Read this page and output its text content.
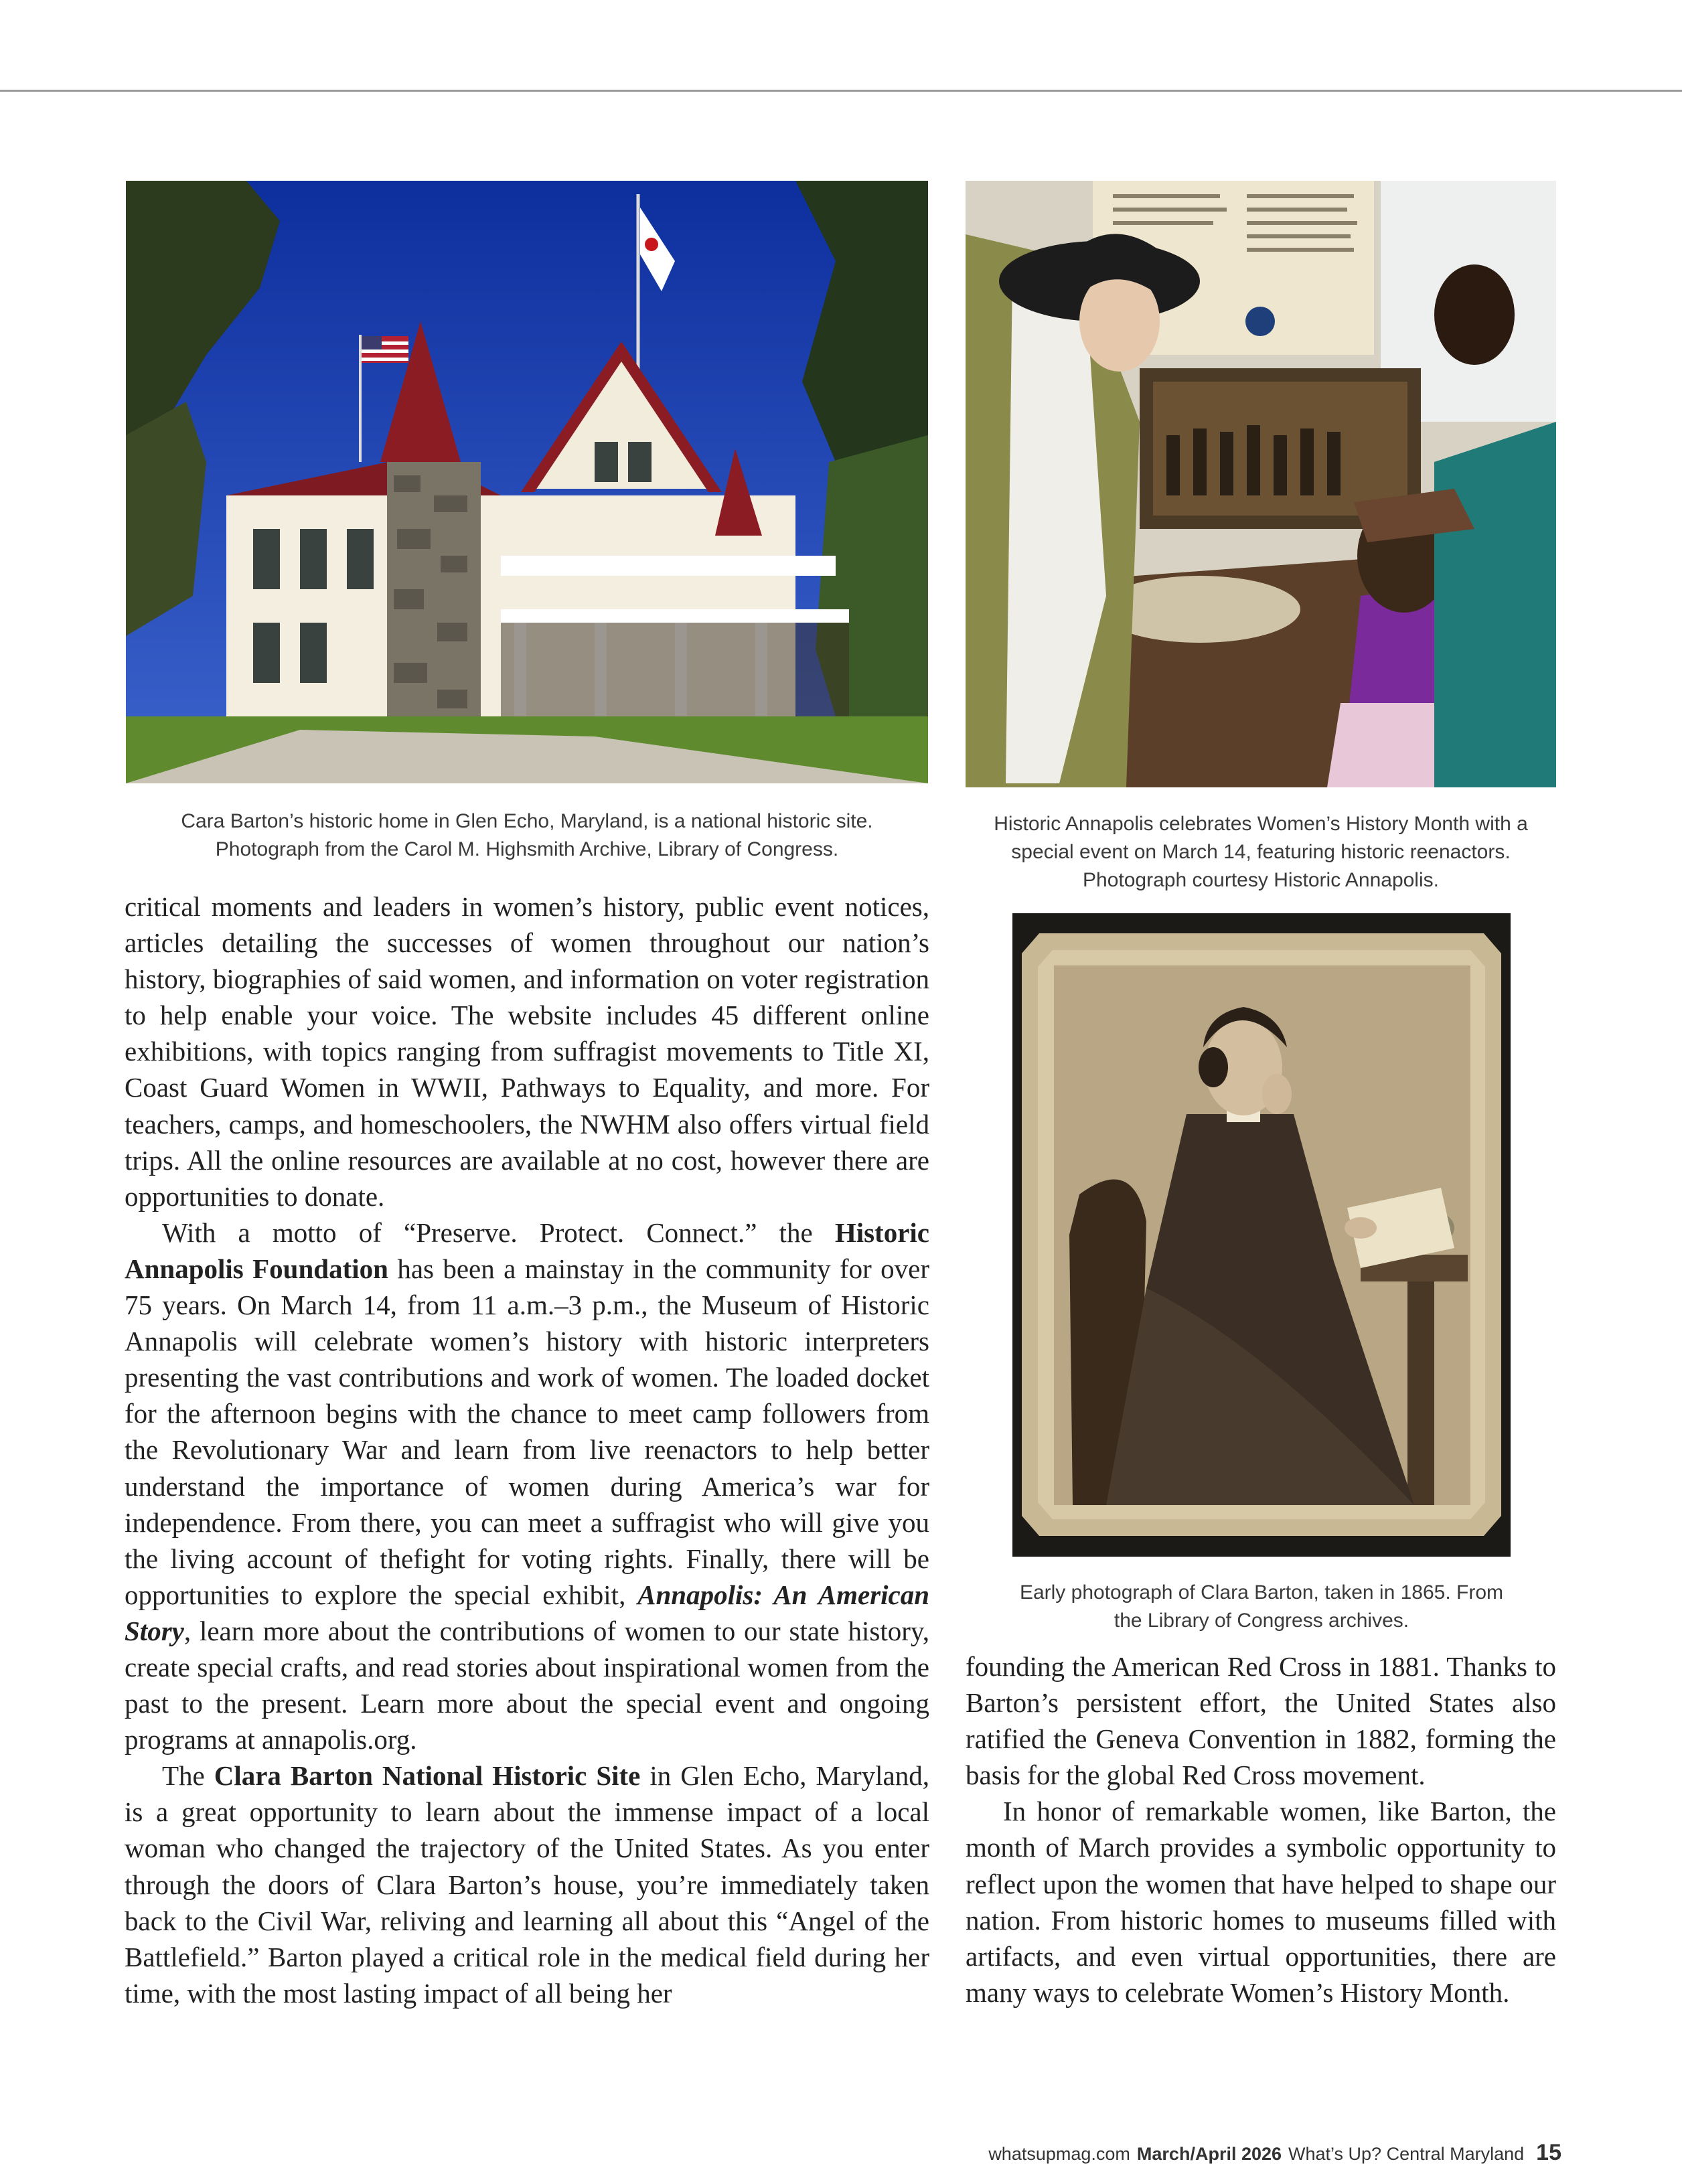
Cara Barton’s historic home in Glen Echo, Maryland, is a national historic site. Photograph from the Carol M. Highsmith Archive, Library of Congress.
Historic Annapolis celebrates Women’s History Month with a special event on March 14, featuring historic reenactors. Photograph courtesy Historic Annapolis.
Early photograph of Clara Barton, taken in 1865. From the Library of Congress archives.

critical moments and leaders in women’s history, public event notices, articles detailing the successes of women throughout our nation’s history, biographies of said women, and information on voter registration to help enable your voice. The website includes 45 different online exhibitions, with topics ranging from suffragist movements to Title XI, Coast Guard Women in WWII, Pathways to Equality, and more. For teachers, camps, and homeschoolers, the NWHM also offers virtual field trips. All the online resources are available at no cost, however there are opportunities to donate.

With a motto of “Preserve. Protect. Connect.” the Historic Annapolis Foundation has been a mainstay in the community for over 75 years. On March 14, from 11 a.m.–3 p.m., the Museum of Historic Annapolis will celebrate women’s history with historic interpreters presenting the vast contributions and work of women. The loaded docket for the afternoon begins with the chance to meet camp followers from the Revolutionary War and learn from live reenactors to help better understand the importance of women during America’s war for independence. From there, you can meet a suffragist who will give you the living account of thefight for voting rights. Finally, there will be opportunities to explore the special exhibit, Annapolis: An American Story, learn more about the contributions of women to our state history, create special crafts, and read stories about inspirational women from the past to the present. Learn more about the special event and ongoing programs at annapolis.org.

The Clara Barton National Historic Site in Glen Echo, Maryland, is a great opportunity to learn about the immense impact of a local woman who changed the trajectory of the United States. As you enter through the doors of Clara Barton’s house, you’re immediately taken back to the Civil War, reliving and learning all about this “Angel of the Battlefield.” Barton played a critical role in the medical field during her time, with the most lasting impact of all being her

founding the American Red Cross in 1881. Thanks to Barton’s persistent effort, the United States also ratified the Geneva Convention in 1882, forming the basis for the global Red Cross movement.

In honor of remarkable women, like Barton, the month of March provides a symbolic opportunity to reflect upon the women that have helped to shape our nation. From historic homes to museums filled with artifacts, and even virtual opportunities, there are many ways to celebrate Women’s History Month.

whatsupmag.com March/April 2026 What’s Up? Central Maryland 15
